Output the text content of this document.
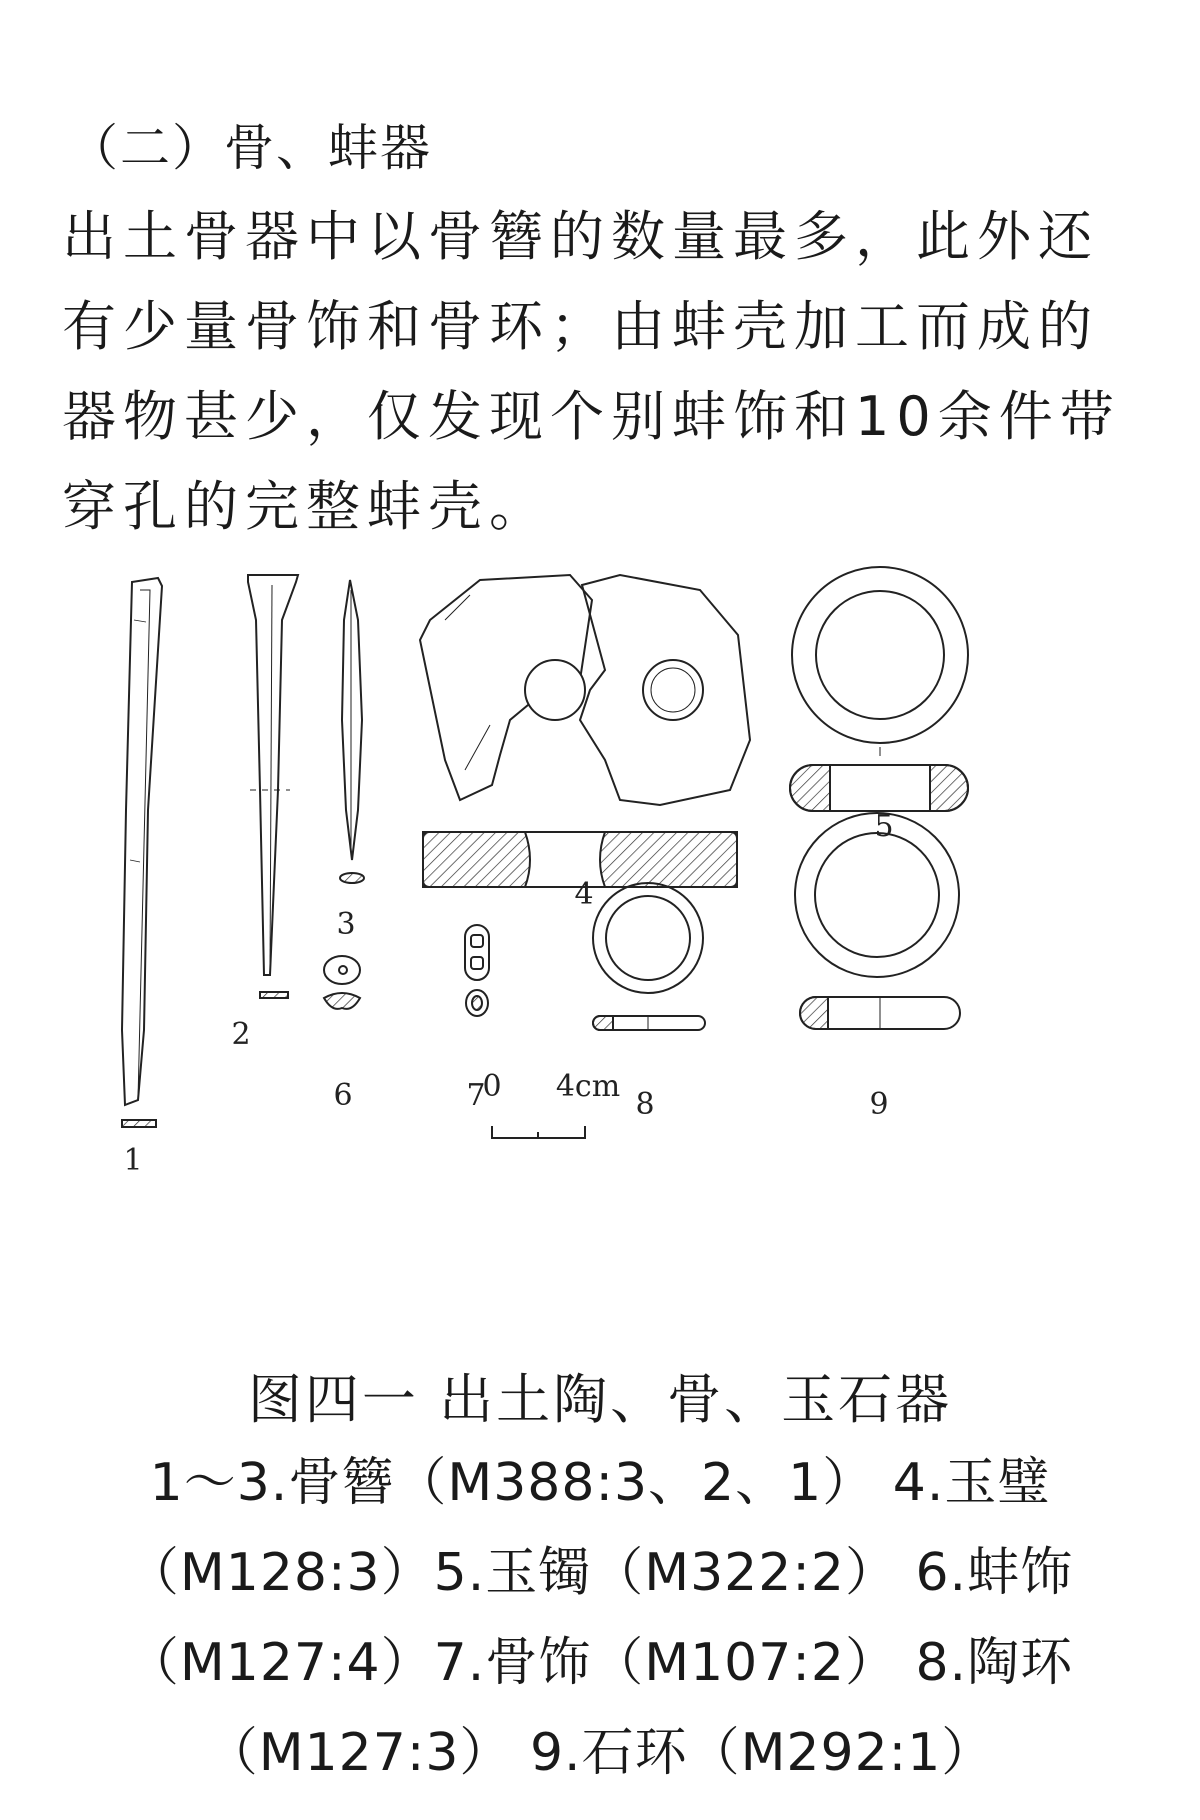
（二）骨、蚌器

出土骨器中以骨簪的数量最多，此外还有少量骨饰和骨环；由蚌壳加工而成的器物甚少，仅发现个别蚌饰和10余件带穿孔的完整蚌壳。

1
2
3
4
5
6	7	8	9
0 4cm

图四一 出土陶、骨、玉石器

1～3.骨簪（M388:3、2、1） 4.玉璧

（M128:3）5.玉镯（M322:2） 6.蚌饰

（M127:4）7.骨饰（M107:2） 8.陶环

（M127:3） 9.石环（M292:1）
